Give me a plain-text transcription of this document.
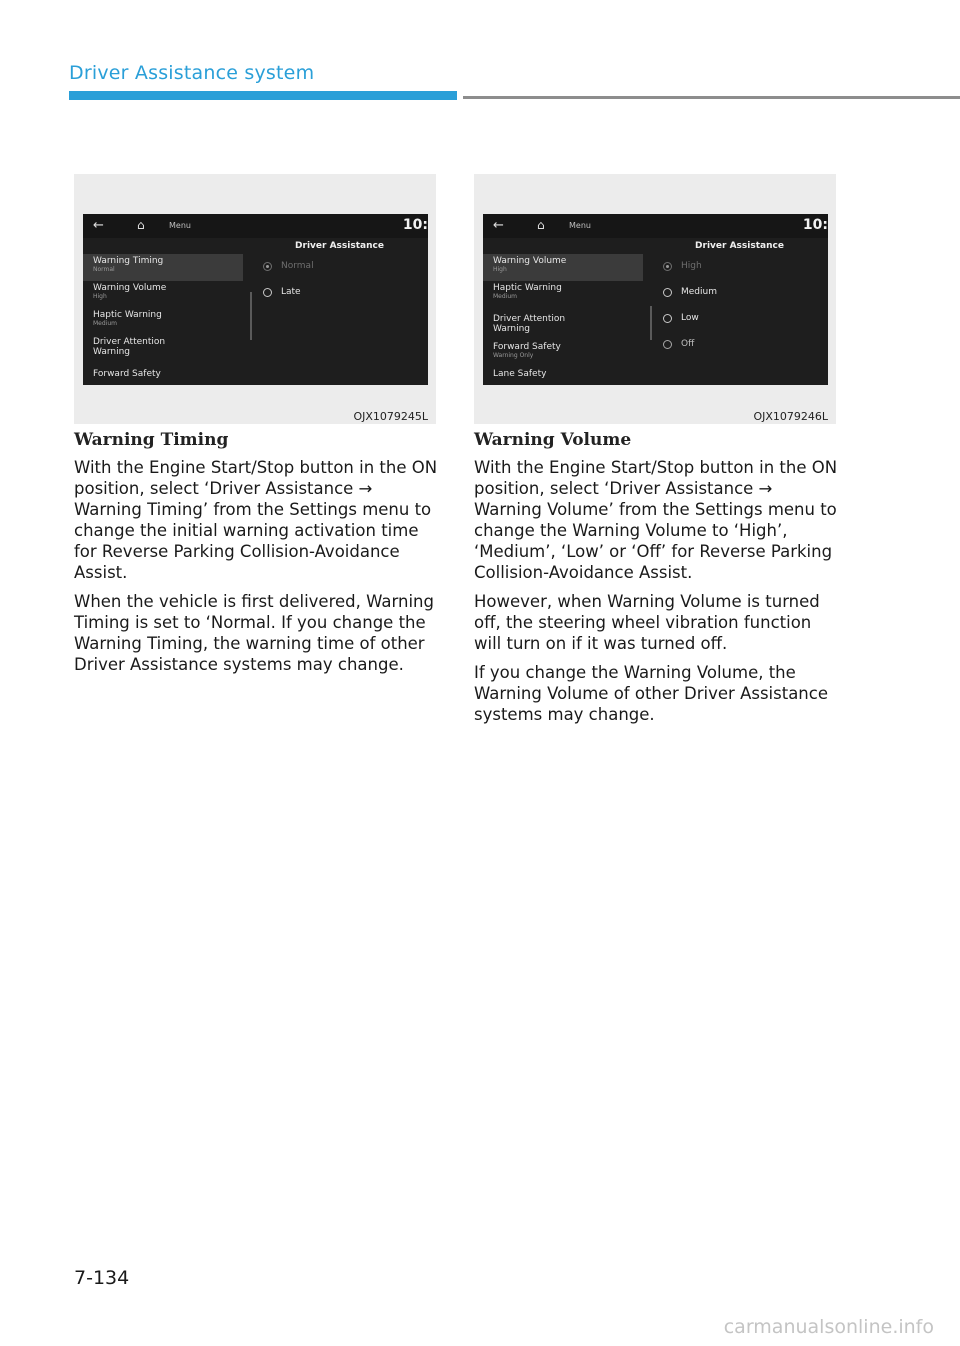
Driver Assistance system
←	⌂	Menu	10:
Driver Assistance
Warning Timing
Normal
Warning Volume
High
Haptic Warning
Medium
Driver Attention
Warning
Forward Safety
Normal
Late
OJX1079245L
←	⌂	Menu	10:
Driver Assistance
Warning Volume
High
Haptic Warning
Medium
Driver Attention
Warning
Forward Safety
Warning Only
Lane Safety
High
Medium
Low
Off
OJX1079246L
Warning Timing

With the Engine Start/Stop button in the ON position, select ‘Driver Assistance → Warning Timing’ from the Settings menu to change the initial warning activation time for Reverse Parking Collision-Avoidance Assist.

When the vehicle is first delivered, Warning Timing is set to ‘Normal. If you change the Warning Timing, the warning time of other Driver Assistance systems may change.

Warning Volume

With the Engine Start/Stop button in the ON position, select ‘Driver Assistance → Warning Volume’ from the Settings menu to change the Warning Volume to ‘High’, ‘Medium’, ‘Low’ or ‘Off’ for Reverse Parking Collision-Avoidance Assist.

However, when Warning Volume is turned off, the steering wheel vibration function will turn on if it was turned off.

If you change the Warning Volume, the Warning Volume of other Driver Assistance systems may change.

7-134
carmanualsonline.info
